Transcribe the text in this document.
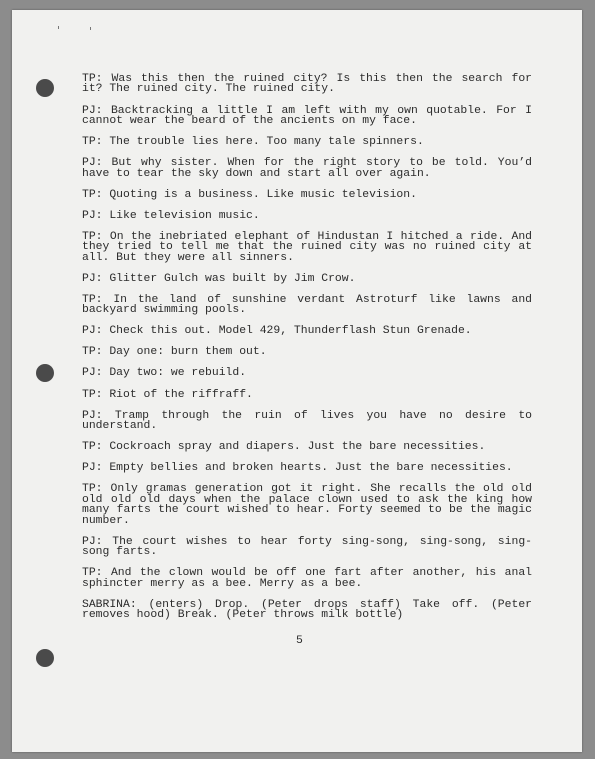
TP: Was this then the ruined city? Is this then the search for it? The ruined city. The ruined city.

PJ: Backtracking a little I am left with my own quotable. For I cannot wear the beard of the ancients on my face.

TP: The trouble lies here. Too many tale spinners.

PJ: But why sister. When for the right story to be told. You’d have to tear the sky down and start all over again.

TP: Quoting is a business. Like music television.

PJ: Like television music.

TP: On the inebriated elephant of Hindustan I hitched a ride. And they tried to tell me that the ruined city was no ruined city at all. But they were all sinners.

PJ: Glitter Gulch was built by Jim Crow.

TP: In the land of sunshine verdant Astroturf like lawns and backyard swimming pools.

PJ: Check this out. Model 429, Thunderflash Stun Grenade.

TP: Day one: burn them out.

PJ: Day two: we rebuild.

TP: Riot of the riffraff.

PJ: Tramp through the ruin of lives you have no desire to understand.

TP: Cockroach spray and diapers. Just the bare necessities.

PJ: Empty bellies and broken hearts. Just the bare necessities.

TP: Only gramas generation got it right. She recalls the old old old old old days when the palace clown used to ask the king how many farts the court wished to hear. Forty seemed to be the magic number.

PJ: The court wishes to hear forty sing-song, sing-song, sing-song farts.

TP: And the clown would be off one fart after another, his anal sphincter merry as a bee. Merry as a bee.

SABRINA: (enters) Drop. (Peter drops staff) Take off. (Peter removes hood) Break. (Peter throws milk bottle)

5
